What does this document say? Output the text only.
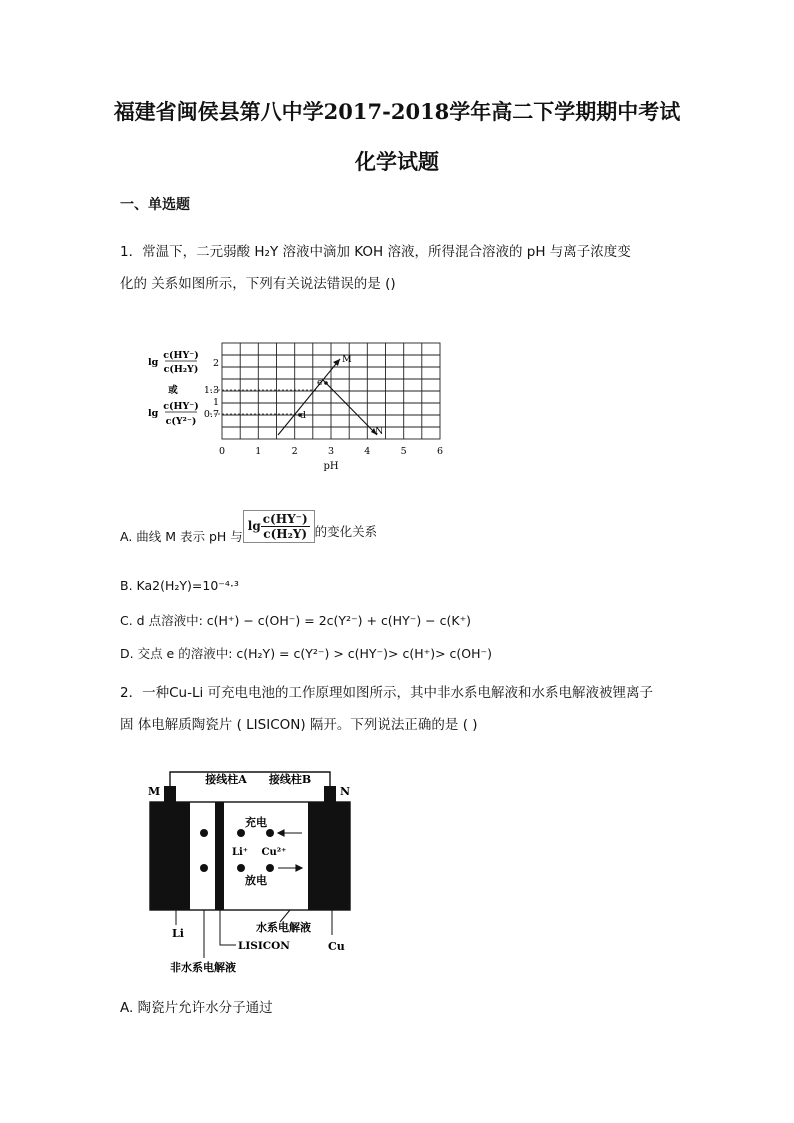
福建省闽侯县第八中学2017-2018学年高二下学期期中考试
化学试题
一、单选题
1．常温下，二元弱酸 H₂Y 溶液中滴加 KOH 溶液，所得混合溶液的 pH 与离子浓度变
化的 关系如图所示，下列有关说法错误的是 ()
lg
c(HY⁻)
c(H₂Y)
或
lg
c(HY⁻)
c(Y²⁻)
2
1.3
1
0.7
0	1	2	3	4	5	6
pH
M
N
e
d
A. 曲线 M 表示 pH 与$\lg \frac{c(HY^-)}{\text{c(H₂Y)}}$ 的变化关系
B. Ka2(H₂Y)=10⁻⁴·³
C. d 点溶液中: c(H⁺) − c(OH⁻) = 2c(Y²⁻) + c(HY⁻) − c(K⁺)
D. 交点 e 的溶液中: c(H₂Y) = c(Y²⁻) > c(HY⁻)> c(H⁺)> c(OH⁻)
2．一种Cu-Li 可充电电池的工作原理如图所示，其中非水系电解液和水系电解液被锂离子
固 体电解质陶瓷片 ( LISICON) 隔开。下列说法正确的是 ( )
接线柱A 接线柱B
M	N
充电
Li⁺ Cu²⁺
放电
Li
Cu
水系电解液
LISICON
非水系电解液
A. 陶瓷片允许水分子通过
